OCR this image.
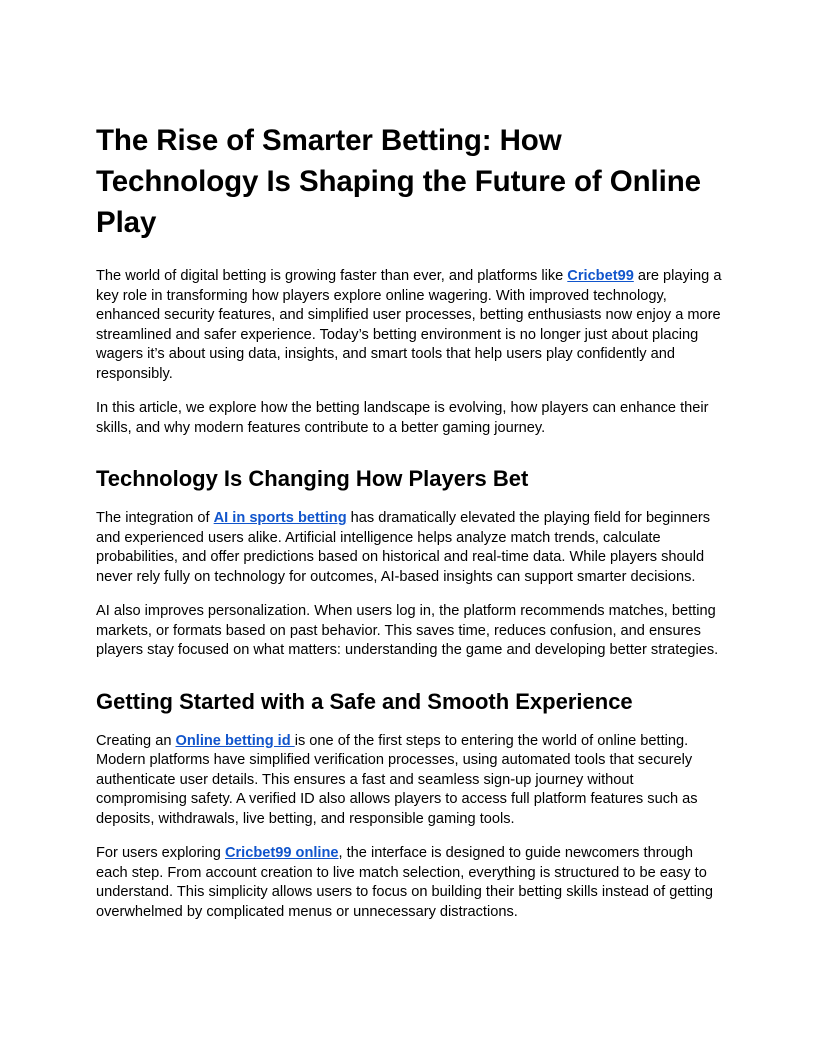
The Rise of Smarter Betting: How Technology Is Shaping the Future of Online Play

The world of digital betting is growing faster than ever, and platforms like Cricbet99 are playing a key role in transforming how players explore online wagering. With improved technology, enhanced security features, and simplified user processes, betting enthusiasts now enjoy a more streamlined and safer experience. Today’s betting environment is no longer just about placing wagers it’s about using data, insights, and smart tools that help users play confidently and responsibly.

In this article, we explore how the betting landscape is evolving, how players can enhance their skills, and why modern features contribute to a better gaming journey.

Technology Is Changing How Players Bet

The integration of AI in sports betting has dramatically elevated the playing field for beginners and experienced users alike. Artificial intelligence helps analyze match trends, calculate probabilities, and offer predictions based on historical and real-time data. While players should never rely fully on technology for outcomes, AI-based insights can support smarter decisions.

AI also improves personalization. When users log in, the platform recommends matches, betting markets, or formats based on past behavior. This saves time, reduces confusion, and ensures players stay focused on what matters: understanding the game and developing better strategies.

Getting Started with a Safe and Smooth Experience

Creating an Online betting id is one of the first steps to entering the world of online betting. Modern platforms have simplified verification processes, using automated tools that securely authenticate user details. This ensures a fast and seamless sign-up journey without compromising safety. A verified ID also allows players to access full platform features such as deposits, withdrawals, live betting, and responsible gaming tools.

For users exploring Cricbet99 online, the interface is designed to guide newcomers through each step. From account creation to live match selection, everything is structured to be easy to understand. This simplicity allows users to focus on building their betting skills instead of getting overwhelmed by complicated menus or unnecessary distractions.
